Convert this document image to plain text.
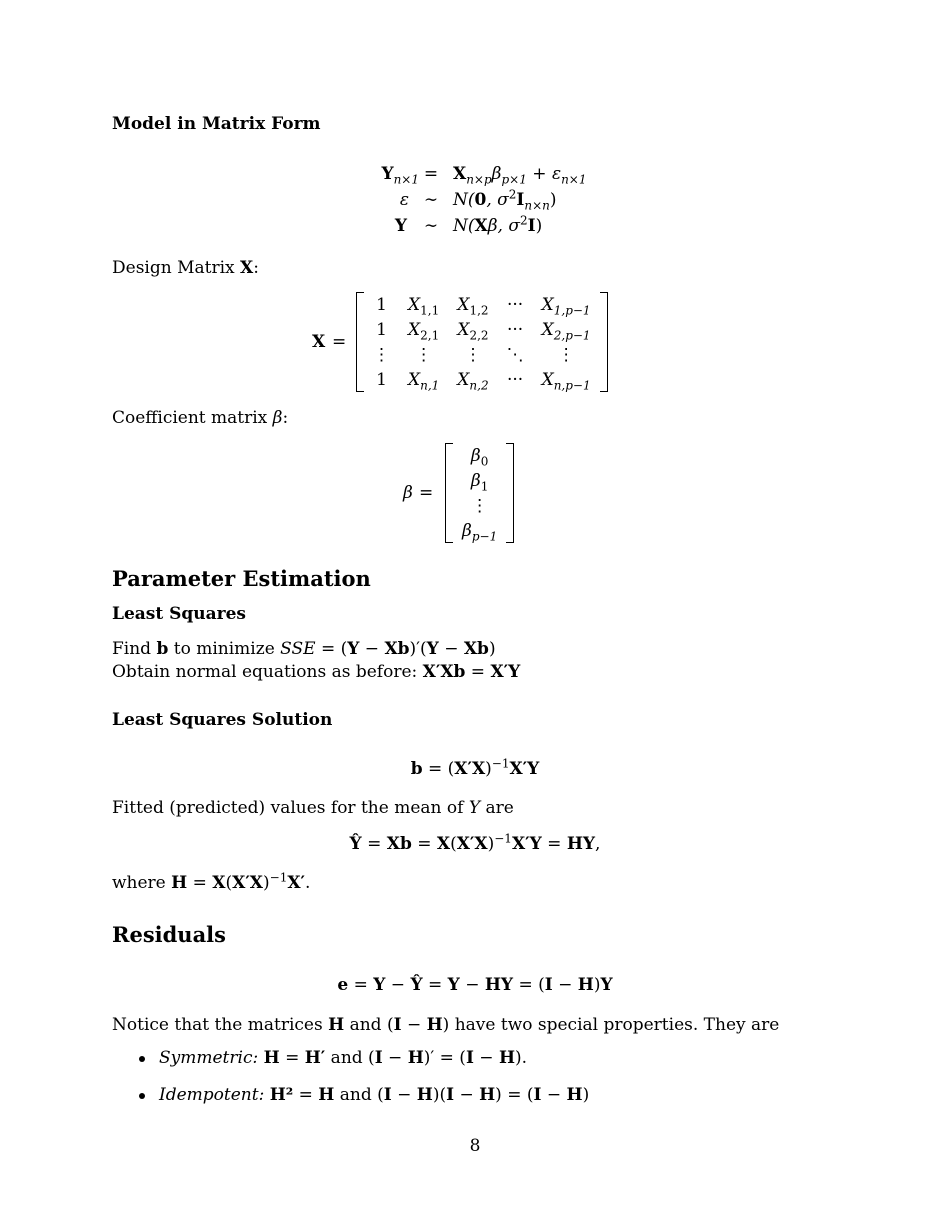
Model in Matrix Form
$Y_{n\times 1} = X_{n\times p}\beta_{p\times 1} + \varepsilon_{n\times 1}$
ε ∼ N(0, $\sigma^2I_{n\times n}$)
Y ∼ N(Xβ, $\sigma^2I$)
Design Matrix X:
X =
1	$X_{1,1}$	$X_{1,2}$	···	$X_{1,p-1}$
1	$X_{2,1}$	$X_{2,2}$	···	$X_{2,p-1}$
⋮	⋮	⋮	⋱	⋮
1	$X_{n,1}$	$X_{n,2}$	···	$X_{n,p-1}$
Coefficient matrix β:
β =
$\beta_0$
$\beta_1$
⋮
$\beta_{p-1}$
Parameter Estimation
Least Squares
Find b to minimize SSE = (Y − Xb)′(Y − Xb)
Obtain normal equations as before: X′Xb = X′Y
Least Squares Solution
$b = (X'X)^{-1}X'Y$
Fitted (predicted) values for the mean of Y are
Ŷ = $Xb = X(X'X)^{-1}X'Y$ = HY,
where $H = X(X'X)^{-1}X'$.
Residuals
e = Y − Ŷ = Y − HY = (I − H)Y
Notice that the matrices H and (I − H) have two special properties. They are
Symmetric: H = H′ and (I − H)′ = (I − H).
Idempotent: H² = H and (I − H)(I − H) = (I − H)
8
